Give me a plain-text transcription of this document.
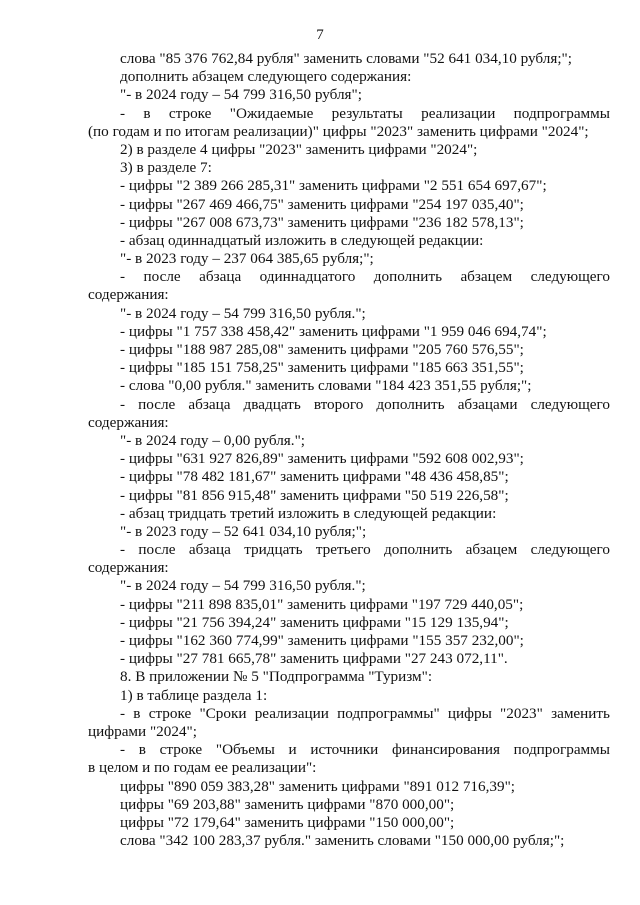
7
слова "85 376 762,84 рубля" заменить словами "52 641 034,10 рубля;";
дополнить абзацем следующего содержания:
"- в 2024 году – 54 799 316,50 рубля";
- в строке "Ожидаемые результаты реализации подпрограммы
(по годам и по итогам реализации)" цифры "2023" заменить цифрами "2024";
2) в разделе 4 цифры "2023" заменить цифрами "2024";
3) в разделе 7:
- цифры "2 389 266 285,31" заменить цифрами "2 551 654 697,67";
- цифры "267 469 466,75" заменить цифрами "254 197 035,40";
- цифры "267 008 673,73" заменить цифрами "236 182 578,13";
- абзац одиннадцатый изложить в следующей редакции:
"- в 2023 году – 237 064 385,65 рубля;";
- после абзаца одиннадцатого дополнить абзацем следующего
содержания:
"- в 2024 году – 54 799 316,50 рубля.";
- цифры "1 757 338 458,42" заменить цифрами "1 959 046 694,74";
- цифры "188 987 285,08" заменить цифрами "205 760 576,55";
- цифры "185 151 758,25" заменить цифрами "185 663 351,55";
- слова "0,00 рубля." заменить словами "184 423 351,55 рубля;";
- после абзаца двадцать второго дополнить абзацами следующего
содержания:
"- в 2024 году – 0,00 рубля.";
- цифры "631 927 826,89" заменить цифрами "592 608 002,93";
- цифры "78 482 181,67" заменить цифрами "48 436 458,85";
- цифры "81 856 915,48" заменить цифрами "50 519 226,58";
- абзац тридцать третий изложить в следующей редакции:
"- в 2023 году – 52 641 034,10 рубля;";
- после абзаца тридцать третьего дополнить абзацем следующего
содержания:
"- в 2024 году – 54 799 316,50 рубля.";
- цифры "211 898 835,01" заменить цифрами "197 729 440,05";
- цифры "21 756 394,24" заменить цифрами "15 129 135,94";
- цифры "162 360 774,99" заменить цифрами "155 357 232,00";
- цифры "27 781 665,78" заменить цифрами "27 243 072,11".
8. В приложении № 5 "Подпрограмма "Туризм":
1) в таблице раздела 1:
- в строке "Сроки реализации подпрограммы" цифры "2023" заменить
цифрами "2024";
- в строке "Объемы и источники финансирования подпрограммы
в целом и по годам ее реализации":
цифры "890 059 383,28" заменить цифрами "891 012 716,39";
цифры "69 203,88" заменить цифрами "870 000,00";
цифры "72 179,64" заменить цифрами "150 000,00";
слова "342 100 283,37 рубля." заменить словами "150 000,00 рубля;";
